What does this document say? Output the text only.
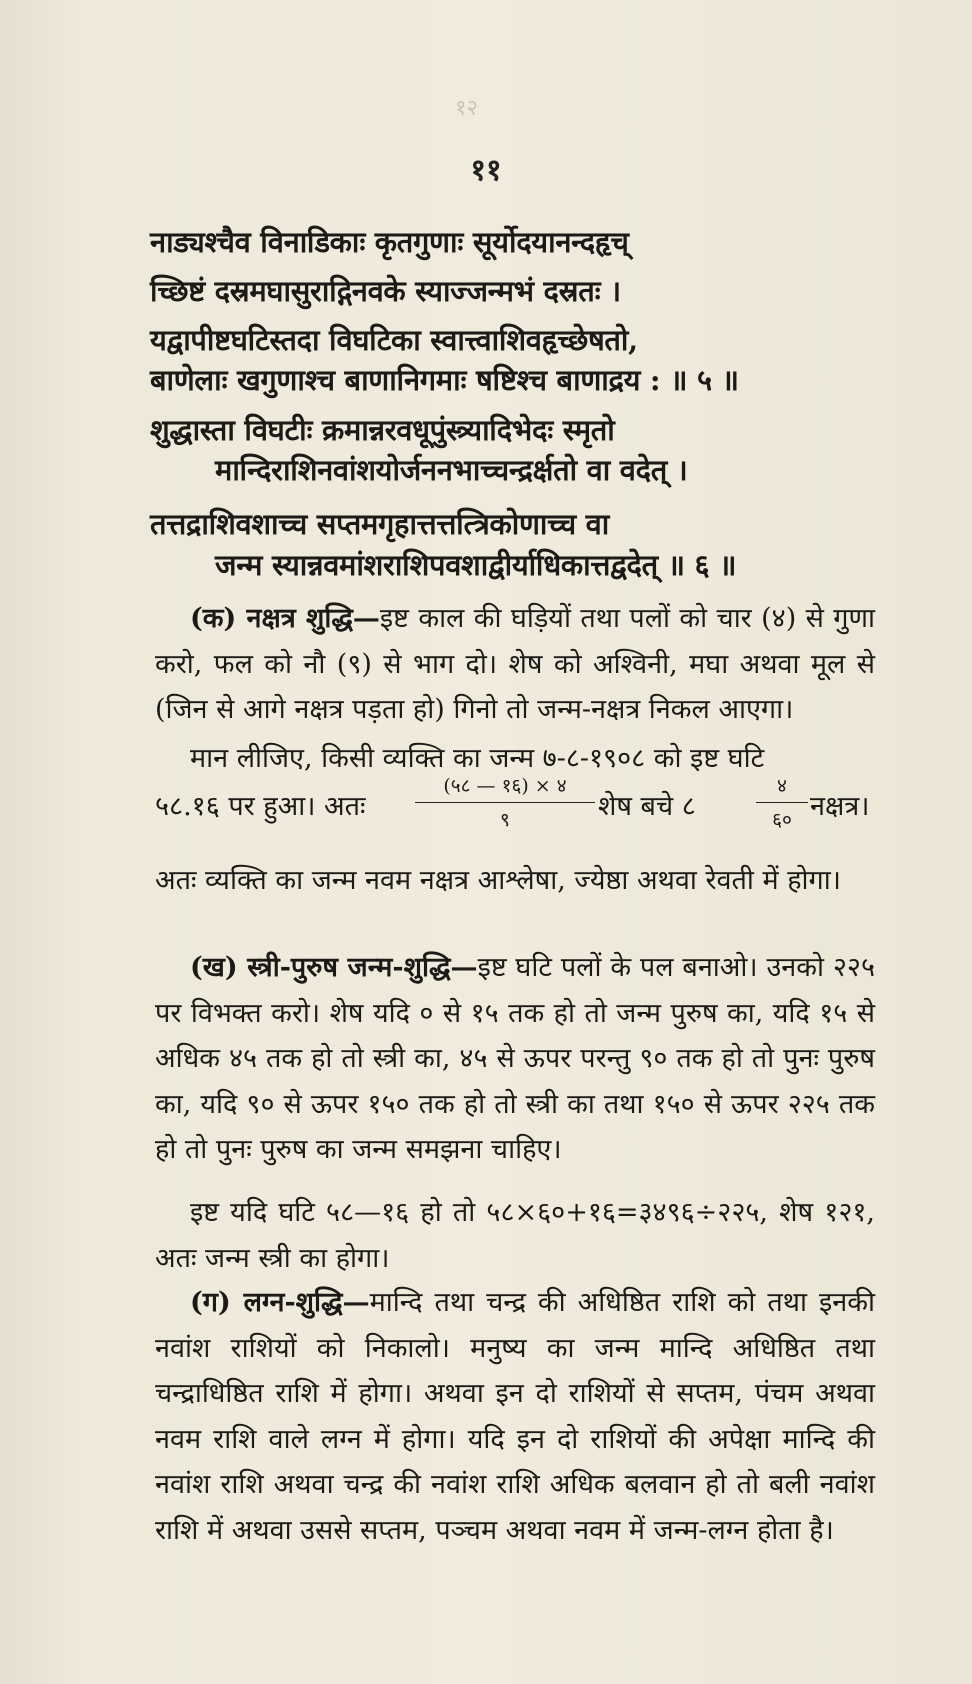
१२
११
नाड्यश्चैव विनाडिकाः कृतगुणाः सूर्योदयानन्दहृच्
च्छिष्टं दस्रमघासुराद्गिनवके स्याज्जन्मभं दस्रतः ।
यद्वापीष्टघटिस्तदा विघटिका स्वात्त्वाशिवहृच्छेषतो,
बाणेलाः खगुणाश्च बाणानिगमाः षष्टिश्च बाणाद्रय : ॥ ५ ॥
शुद्धास्ता विघटीः क्रमान्नरवधूपुंस्त्र्यादिभेदः स्मृतो
मान्दिराशिनवांशयोर्जननभाच्चन्द्रर्क्षतो वा वदेत् ।
तत्तद्राशिवशाच्च सप्तमगृहात्तत्तत्त्रिकोणाच्च वा
जन्म स्यान्नवमांशराशिपवशाद्वीर्याधिकात्तद्वदेत् ॥ ६ ॥
(क) नक्षत्र शुद्धि—इष्ट काल की घड़ियों तथा पलों को चार (४) से गुणा करो, फल को नौ (९) से भाग दो। शेष को अश्विनी, मघा अथवा मूल से (जिन से आगे नक्षत्र पड़ता हो) गिनो तो जन्म-नक्षत्र निकल आएगा।
मान लीजिए, किसी व्यक्ति का जन्म ७-८-१९०८ को इष्ट घटि
५८.१६ पर हुआ। अतः
(५८ — १६) × ४
९	शेष बचे ८
४
६० नक्षत्र।
अतः व्यक्ति का जन्म नवम नक्षत्र आश्लेषा, ज्येष्ठा अथवा रेवती में होगा।
(ख) स्त्री-पुरुष जन्म-शुद्धि—इष्ट घटि पलों के पल बनाओ। उनको २२५ पर विभक्त करो। शेष यदि ० से १५ तक हो तो जन्म पुरुष का, यदि १५ से अधिक ४५ तक हो तो स्त्री का, ४५ से ऊपर परन्तु ९० तक हो तो पुनः पुरुष का, यदि ९० से ऊपर १५० तक हो तो स्त्री का तथा १५० से ऊपर २२५ तक हो तो पुनः पुरुष का जन्म समझना चाहिए।
इष्ट यदि घटि ५८—१६ हो तो ५८×६०+१६=३४९६÷२२५, शेष १२१, अतः जन्म स्त्री का होगा।
(ग) लग्न-शुद्धि—मान्दि तथा चन्द्र की अधिष्ठित राशि को तथा इनकी नवांश राशियों को निकालो। मनुष्य का जन्म मान्दि अधिष्ठित तथा चन्द्राधिष्ठित राशि में होगा। अथवा इन दो राशियों से सप्तम, पंचम अथवा नवम राशि वाले लग्न में होगा। यदि इन दो राशियों की अपेक्षा मान्दि की नवांश राशि अथवा चन्द्र की नवांश राशि अधिक बलवान हो तो बली नवांश राशि में अथवा उससे सप्तम, पञ्चम अथवा नवम में जन्म-लग्न होता है।
